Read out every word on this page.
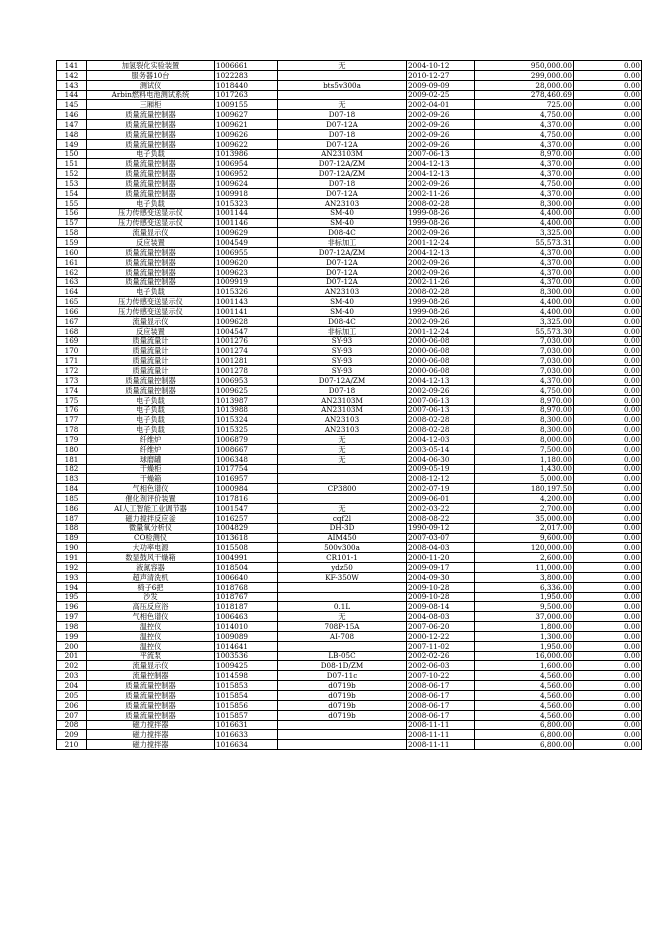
141	加氢裂化实验装置	1006661	无	2004-10-12	950,000.00	0.00
142	服务器10台	1022283		2010-12-27	299,000.00	0.00
143	测试仪	1018440	bts5v300a	2009-09-09	28,000.00	0.00
144	Arbin燃料电池测试系统	1017263		2009-02-25	278,460.69	0.00
145	三厢柜	1009155	无	2002-04-01	725.00	0.00
146	质量流量控制器	1009627	D07-18	2002-09-26	4,750.00	0.00
147	质量流量控制器	1009621	D07-12A	2002-09-26	4,370.00	0.00
148	质量流量控制器	1009626	D07-18	2002-09-26	4,750.00	0.00
149	质量流量控制器	1009622	D07-12A	2002-09-26	4,370.00	0.00
150	电子负载	1013986	AN23103M	2007-06-13	8,970.00	0.00
151	质量流量控制器	1006954	D07-12A/ZM	2004-12-13	4,370.00	0.00
152	质量流量控制器	1006952	D07-12A/ZM	2004-12-13	4,370.00	0.00
153	质量流量控制器	1009624	D07-18	2002-09-26	4,750.00	0.00
154	质量流量控制器	1009918	D07-12A	2002-11-26	4,370.00	0.00
155	电子负载	1015323	AN23103	2008-02-28	8,300.00	0.00
156	压力传感变送显示仪	1001144	SM-40	1999-08-26	4,400.00	0.00
157	压力传感变送显示仪	1001146	SM-40	1999-08-26	4,400.00	0.00
158	流量显示仪	1009629	D08-4C	2002-09-26	3,325.00	0.00
159	反应装置	1004549	非标加工	2001-12-24	55,573.31	0.00
160	质量流量控制器	1006955	D07-12A/ZM	2004-12-13	4,370.00	0.00
161	质量流量控制器	1009620	D07-12A	2002-09-26	4,370.00	0.00
162	质量流量控制器	1009623	D07-12A	2002-09-26	4,370.00	0.00
163	质量流量控制器	1009919	D07-12A	2002-11-26	4,370.00	0.00
164	电子负载	1015326	AN23103	2008-02-28	8,300.00	0.00
165	压力传感变送显示仪	1001143	SM-40	1999-08-26	4,400.00	0.00
166	压力传感变送显示仪	1001141	SM-40	1999-08-26	4,400.00	0.00
167	流量显示仪	1009628	D08-4C	2002-09-26	3,325.00	0.00
168	反应装置	1004547	非标加工	2001-12-24	55,573.30	0.00
169	质量流量计	1001276	SY-93	2000-06-08	7,030.00	0.00
170	质量流量计	1001274	SY-93	2000-06-08	7,030.00	0.00
171	质量流量计	1001281	SY-93	2000-06-08	7,030.00	0.00
172	质量流量计	1001278	SY-93	2000-06-08	7,030.00	0.00
173	质量流量控制器	1006953	D07-12A/ZM	2004-12-13	4,370.00	0.00
174	质量流量控制器	1009625	D07-18	2002-09-26	4,750.00	0.00
175	电子负载	1013987	AN23103M	2007-06-13	8,970.00	0.00
176	电子负载	1013988	AN23103M	2007-06-13	8,970.00	0.00
177	电子负载	1015324	AN23103	2008-02-28	8,300.00	0.00
178	电子负载	1015325	AN23103	2008-02-28	8,300.00	0.00
179	纤维炉	1006879	无	2004-12-03	8,000.00	0.00
180	纤维炉	1008667	无	2003-05-14	7,500.00	0.00
181	球磨罐	1006348	无	2004-06-30	1,180.00	0.00
182	干燥柜	1017754		2009-05-19	1,430.00	0.00
183	干燥箱	1016957		2008-12-12	5,000.00	0.00
184	气相色谱仪	1000984	CP3800	2002-07-19	180,197.50	0.00
185	催化剂评价装置	1017816		2009-06-01	4,200.00	0.00
186	AI人工智能工业调节器	1001547	无	2002-03-22	2,700.00	0.00
187	磁力搅拌反应釜	1016257	cqf2l	2008-08-22	35,000.00	0.00
188	微量氧分析仪	1004829	DH-3D	1990-09-12	2,017.00	0.00
189	CO检测仪	1013618	AIM450	2007-03-07	9,600.00	0.00
190	大功率电源	1015508	500v300a	2008-04-03	120,000.00	0.00
191	数显鼓风干燥箱	1004991	CR101-1	2000-11-20	2,600.00	0.00
192	液氮容器	1018504	ydz50	2009-09-17	11,000.00	0.00
193	超声清洗机	1006640	KF-350W	2004-09-30	3,800.00	0.00
194	椅子6把	1018768		2009-10-28	6,336.00	0.00
195	沙发	1018767		2009-10-28	1,950.00	0.00
196	高压反应浴	1018187	0.1L	2009-08-14	9,500.00	0.00
197	气相色谱仪	1006463	无	2004-08-03	37,000.00	0.00
198	温控仪	1014010	708P-15A	2007-06-20	1,800.00	0.00
199	温控仪	1009089	AI-708	2000-12-22	1,300.00	0.00
200	温控仪	1014641		2007-11-02	1,950.00	0.00
201	平流泵	1003536	LB-05C	2002-02-26	16,000.00	0.00
202	流量显示仪	1009425	D08-1D/ZM	2002-06-03	1,600.00	0.00
203	流量控制器	1014598	D07-11c	2007-10-22	4,560.00	0.00
204	质量流量控制器	1015853	d0719b	2008-06-17	4,560.00	0.00
205	质量流量控制器	1015854	d0719b	2008-06-17	4,560.00	0.00
206	质量流量控制器	1015856	d0719b	2008-06-17	4,560.00	0.00
207	质量流量控制器	1015857	d0719b	2008-06-17	4,560.00	0.00
208	磁力搅拌器	1016631		2008-11-11	6,800.00	0.00
209	磁力搅拌器	1016633		2008-11-11	6,800.00	0.00
210	磁力搅拌器	1016634		2008-11-11	6,800.00	0.00
